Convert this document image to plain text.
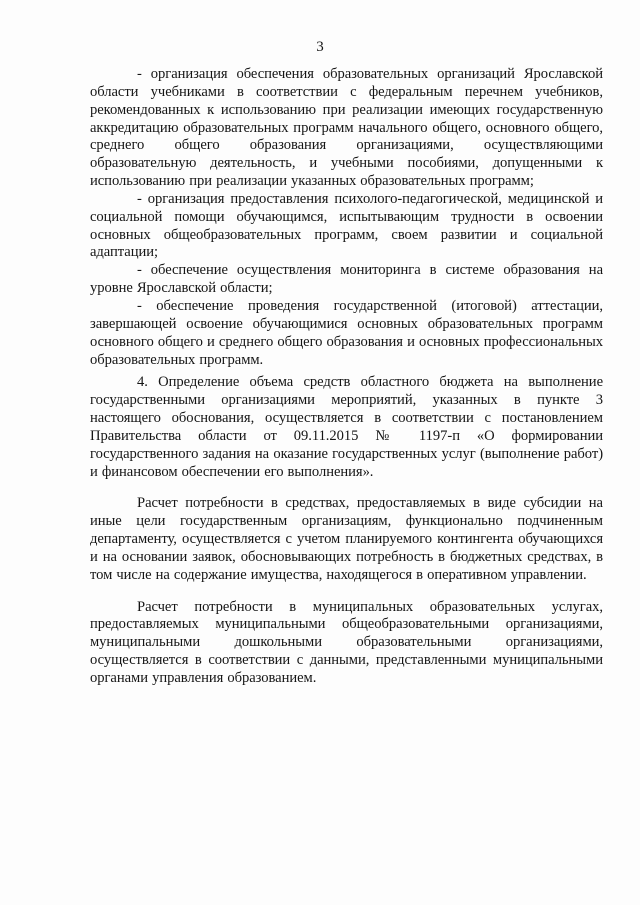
3

- организация обеспечения образовательных организаций Ярославской области учебниками в соответствии с федеральным перечнем учебников, рекомендованных к использованию при реализации имеющих государственную аккредитацию образовательных программ начального общего, основного общего, среднего общего образования организациями, осуществляющими образовательную деятельность, и учебными пособиями, допущенными к использованию при реализации указанных образовательных программ;

- организация предоставления психолого-педагогической, медицинской и социальной помощи обучающимся, испытывающим трудности в освоении основных общеобразовательных программ, своем развитии и социальной адаптации;

- обеспечение осуществления мониторинга в системе образования на уровне Ярославской области;

- обеспечение проведения государственной (итоговой) аттестации, завершающей освоение обучающимися основных образовательных программ основного общего и среднего общего образования и основных профессиональных образовательных программ.

4. Определение объема средств областного бюджета на выполнение государственными организациями мероприятий, указанных в пункте 3 настоящего обоснования, осуществляется в соответствии с постановлением Правительства области от 09.11.2015 № 1197-п «О формировании государственного задания на оказание государственных услуг (выполнение работ) и финансовом обеспечении его выполнения».

Расчет потребности в средствах, предоставляемых в виде субсидии на иные цели государственным организациям, функционально подчиненным департаменту, осуществляется с учетом планируемого контингента обучающихся и на основании заявок, обосновывающих потребность в бюджетных средствах, в том числе на содержание имущества, находящегося в оперативном управлении.

Расчет потребности в муниципальных образовательных услугах, предоставляемых муниципальными общеобразовательными организациями, муниципальными дошкольными образовательными организациями, осуществляется в соответствии с данными, представленными муниципальными органами управления образованием.
